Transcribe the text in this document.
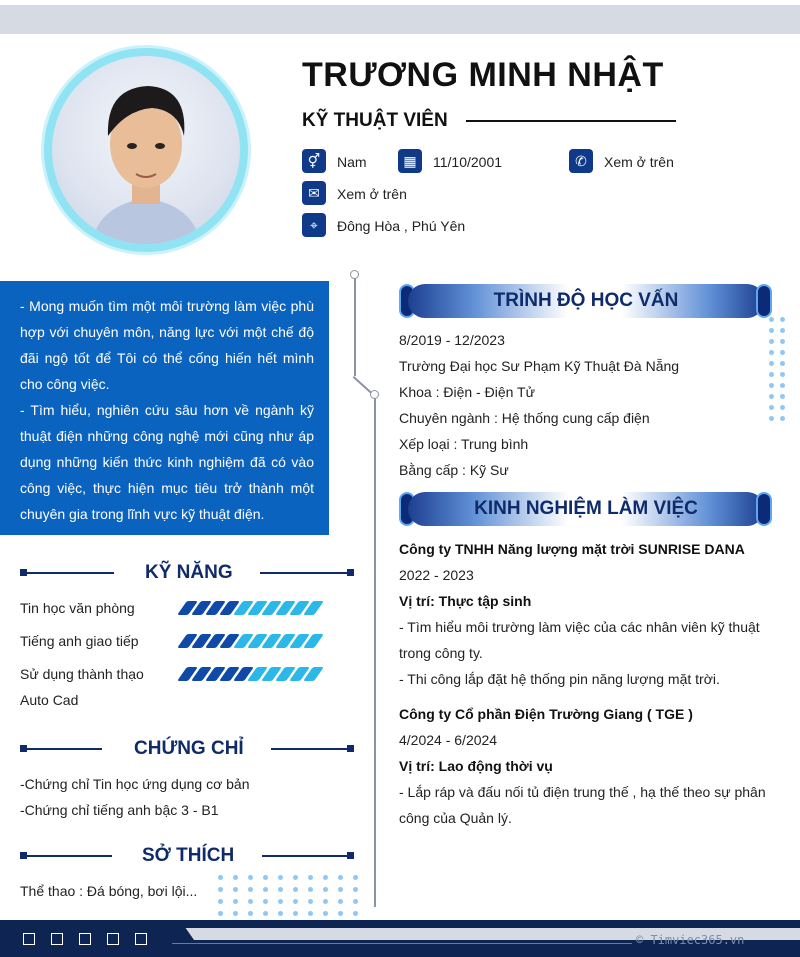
TRƯƠNG MINH NHẬT
KỸ THUẬT VIÊN
⚥	Nam	▦	11/10/2001	✆	Xem ở trên
✉	Xem ở trên
⌖	Đông Hòa , Phú Yên

- Mong muốn tìm một môi trường làm việc phù hợp với chuyên môn, năng lực với một chế độ đãi ngộ tốt để Tôi có thể cống hiến hết mình cho công việc.

- Tìm hiểu, nghiên cứu sâu hơn về ngành kỹ thuật điện những công nghệ mới cũng như áp dụng những kiến thức kinh nghiệm đã có vào công việc, thực hiện mục tiêu trở thành một chuyên gia trong lĩnh vực kỹ thuật điện.

KỸ NĂNG
Tin học văn phòng
Tiếng anh giao tiếp
Sử dụng thành thạo
Auto Cad
CHỨNG CHỈ
-Chứng chỉ Tin học ứng dụng cơ bản
-Chứng chỉ tiếng anh bậc 3 - B1
SỞ THÍCH
Thể thao : Đá bóng, bơi lội...
TRÌNH ĐỘ HỌC VẤN
8/2019 - 12/2023
Trường Đại học Sư Phạm Kỹ Thuật Đà Nẵng
Khoa : Điện - Điện Tử
Chuyên ngành : Hệ thống cung cấp điện
Xếp loại : Trung bình
Bằng cấp : Kỹ Sư
KINH NGHIỆM LÀM VIỆC
Công ty TNHH Năng lượng mặt trời SUNRISE DANA
2022 - 2023
Vị trí: Thực tập sinh
- Tìm hiểu môi trường làm việc của các nhân viên kỹ thuật trong công ty.
- Thi công lắp đặt hệ thống pin năng lượng mặt trời.
Công ty Cổ phần Điện Trường Giang ( TGE )
4/2024 - 6/2024
Vị trí: Lao động thời vụ
- Lắp ráp và đấu nối tủ điện trung thế , hạ thế theo sự phân công của Quản lý.
© Timviec365.vn
